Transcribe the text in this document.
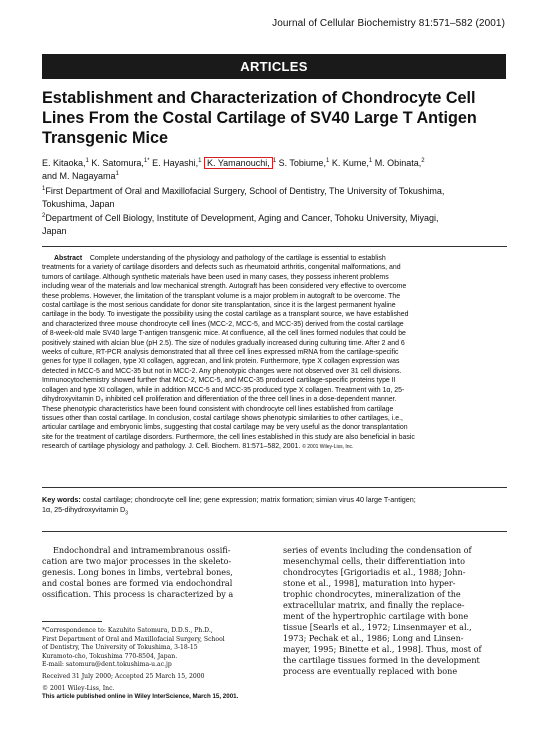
Journal of Cellular Biochemistry 81:571–582 (2001)
ARTICLES
Establishment and Characterization of Chondrocyte Cell
Lines From the Costal Cartilage of SV40 Large T Antigen
Transgenic Mice
E. Kitaoka,$^1$ K. Satomura,$^{1*}$ E. Hayashi,$^1$ K. Yamanouchi, $^1$ S. Tobiume,$^1$ K. Kume,$^1$ M. Obinata,$^2$
and M. Nagayama$^1$
$^1$First Department of Oral and Maxillofacial Surgery, School of Dentistry, The University of Tokushima,
Tokushima, Japan
$^2$Department of Cell Biology, Institute of Development, Aging and Cancer, Tohoku University, Miyagi,
Japan
Abstract Complete understanding of the physiology and pathology of the cartilage is essential to establish
treatments for a variety of cartilage disorders and defects such as rheumatoid arthritis, congenital malformations, and
tumors of cartilage. Although synthetic materials have been used in many cases, they possess inherent problems
including wear of the materials and low mechanical strength. Autograft has been considered very effective to overcome
these problems. However, the limitation of the transplant volume is a major problem in autograft to be overcome. The
costal cartilage is the most serious candidate for donor site transplantation, since it is the largest permanent hyaline
cartilage in the body. To investigate the possibility using the costal cartilage as a transplant source, we have established
and characterized three mouse chondrocyte cell lines (MCC-2, MCC-5, and MCC-35) derived from the costal cartilage
of 8-week-old male SV40 large T-antigen transgenic mice. At confluence, all the cell lines formed nodules that could be
positively stained with alcian blue (pH 2.5). The size of nodules gradually increased during culturing time. After 2 and 6
weeks of culture, RT-PCR analysis demonstrated that all three cell lines expressed mRNA from the cartilage-specific
genes for type II collagen, type XI collagen, aggrecan, and link protein. Furthermore, type X collagen expression was
detected in MCC-5 and MCC-35 but not in MCC-2. Any phenotypic changes were not observed over 31 cell divisions.
Immunocytochemistry showed further that MCC-2, MCC-5, and MCC-35 produced cartilage-specific proteins type II
collagen and type XI collagen, while in addition MCC-5 and MCC-35 produced type X collagen. Treatment with 1α, 25-
dihydroxyvitamin D₃ inhibited cell proliferation and differentiation of the three cell lines in a dose-dependent manner.
These phenotypic characteristics have been found consistent with chondrocyte cell lines established from cartilage
tissues other than costal cartilage. In conclusion, costal cartilage shows phenotypic similarities to other cartilages, i.e.,
articular cartilage and embryonic limbs, suggesting that costal cartilage may be very useful as the donor transplantation
site for the treatment of cartilage disorders. Furthermore, the cell lines established in this study are also beneficial in basic
research of cartilage physiology and pathology. J. Cell. Biochem. 81:571–582, 2001. © 2001 Wiley-Liss, Inc.
Key words: costal cartilage; chondrocyte cell line; gene expression; matrix formation; simian virus 40 large T-antigen;
1α, 25-dihydroxyvitamin $D_3$
Endochondral and intramembranous ossifi-
cation are two major processes in the skeleto-
genesis. Long bones in limbs, vertebral bones,
and costal bones are formed via endochondral
ossification. This process is characterized by a
series of events including the condensation of
mesenchymal cells, their differentiation into
chondrocytes [Grigoriadis et al., 1988; John-
stone et al., 1998], maturation into hyper-
trophic chondrocytes, mineralization of the
extracellular matrix, and finally the replace-
ment of the hypertrophic cartilage with bone
tissue [Searls et al., 1972; Linsenmayer et al.,
1973; Pechak et al., 1986; Long and Linsen-
mayer, 1995; Binette et al., 1998]. Thus, most of
the cartilage tissues formed in the development
process are eventually replaced with bone
*Correspondence to: Kazuhito Satomura, D.D.S., Ph.D.,
First Department of Oral and Maxillofacial Surgery, School
of Dentistry, The University of Tokushima, 3-18-15
Kuramoto-cho, Tokushima 770-8504, Japan.
E-mail: satomura@dent.tokushima-u.ac.jp
Received 31 July 2000; Accepted 25 March 15, 2000
© 2001 Wiley-Liss, Inc.
This article published online in Wiley InterScience, March 15, 2001.
